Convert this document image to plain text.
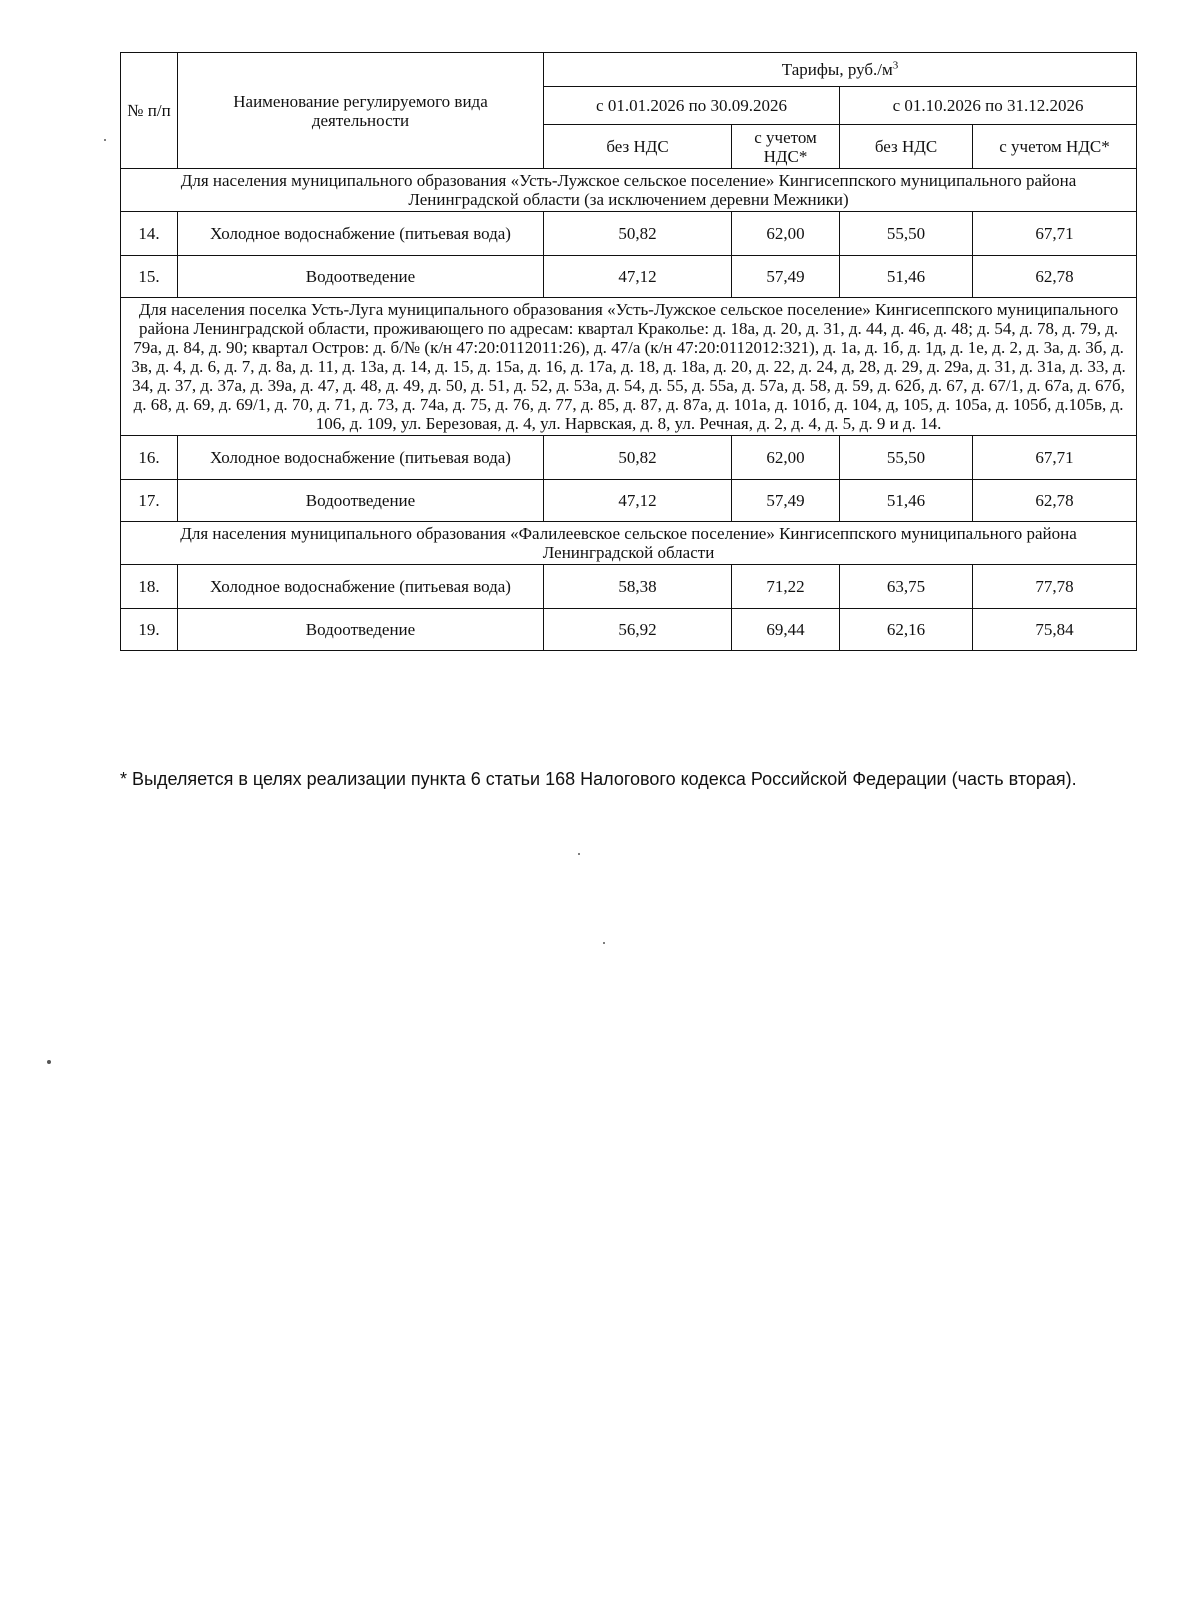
№ п/п	Наименование регулируемого вида деятельности	Тарифы, $руб./м^3$
		с 01.01.2026 по 30.09.2026		с 01.10.2026 по 31.12.2026	
		без НДС	с учетом НДС*	без НДС	с учетом НДС*
Для населения муниципального образования «Усть-Лужское сельское поселение» Кингисеппского муниципального района Ленинградской области (за исключением деревни Межники)					
14.	Холодное водоснабжение (питьевая вода)	50,82	62,00	55,50	67,71
15.	Водоотведение	47,12	57,49	51,46	62,78
Для населения поселка Усть-Луга муниципального образования «Усть-Лужское сельское поселение» Кингисеппского муниципального района Ленинградской области, проживающего по адресам: квартал Краколье: д. 18а, д. 20, д. 31, д. 44, д. 46, д. 48; д. 54, д. 78, д. 79, д. 79а, д. 84, д. 90; квартал Остров: д. б/№ (к/н 47:20:0112011:26), д. 47/а (к/н 47:20:0112012:321), д. 1а, д. 1б, д. 1д, д. 1е, д. 2, д. 3а, д. 3б, д. 3в, д. 4, д. 6, д. 7, д. 8а, д. 11, д. 13а, д. 14, д. 15, д. 15а, д. 16, д. 17а, д. 18, д. 18а, д. 20, д. 22, д. 24, д, 28, д. 29, д. 29а, д. 31, д. 31а, д. 33, д. 34, д. 37, д. 37а, д. 39а, д. 47, д. 48, д. 49, д. 50, д. 51, д. 52, д. 53а, д. 54, д. 55, д. 55а, д. 57а, д. 58, д. 59, д. 62б, д. 67, д. 67/1, д. 67а, д. 67б, д. 68, д. 69, д. 69/1, д. 70, д. 71, д. 73, д. 74а, д. 75, д. 76, д. 77, д. 85, д. 87, д. 87а, д. 101а, д. 101б, д. 104, д, 105, д. 105а, д. 105б, д.105в, д. 106, д. 109, ул. Березовая, д. 4, ул. Нарвская, д. 8, ул. Речная, д. 2, д. 4, д. 5, д. 9 и д. 14.					
16.	Холодное водоснабжение (питьевая вода)	50,82	62,00	55,50	67,71
17.	Водоотведение	47,12	57,49	51,46	62,78
Для населения муниципального образования «Фалилеевское сельское поселение» Кингисеппского муниципального района Ленинградской области					
18.	Холодное водоснабжение (питьевая вода)	58,38	71,22	63,75	77,78
19.	Водоотведение	56,92	69,44	62,16	75,84
* Выделяется в целях реализации пункта 6 статьи 168 Налогового кодекса Российской Федерации (часть вторая).
